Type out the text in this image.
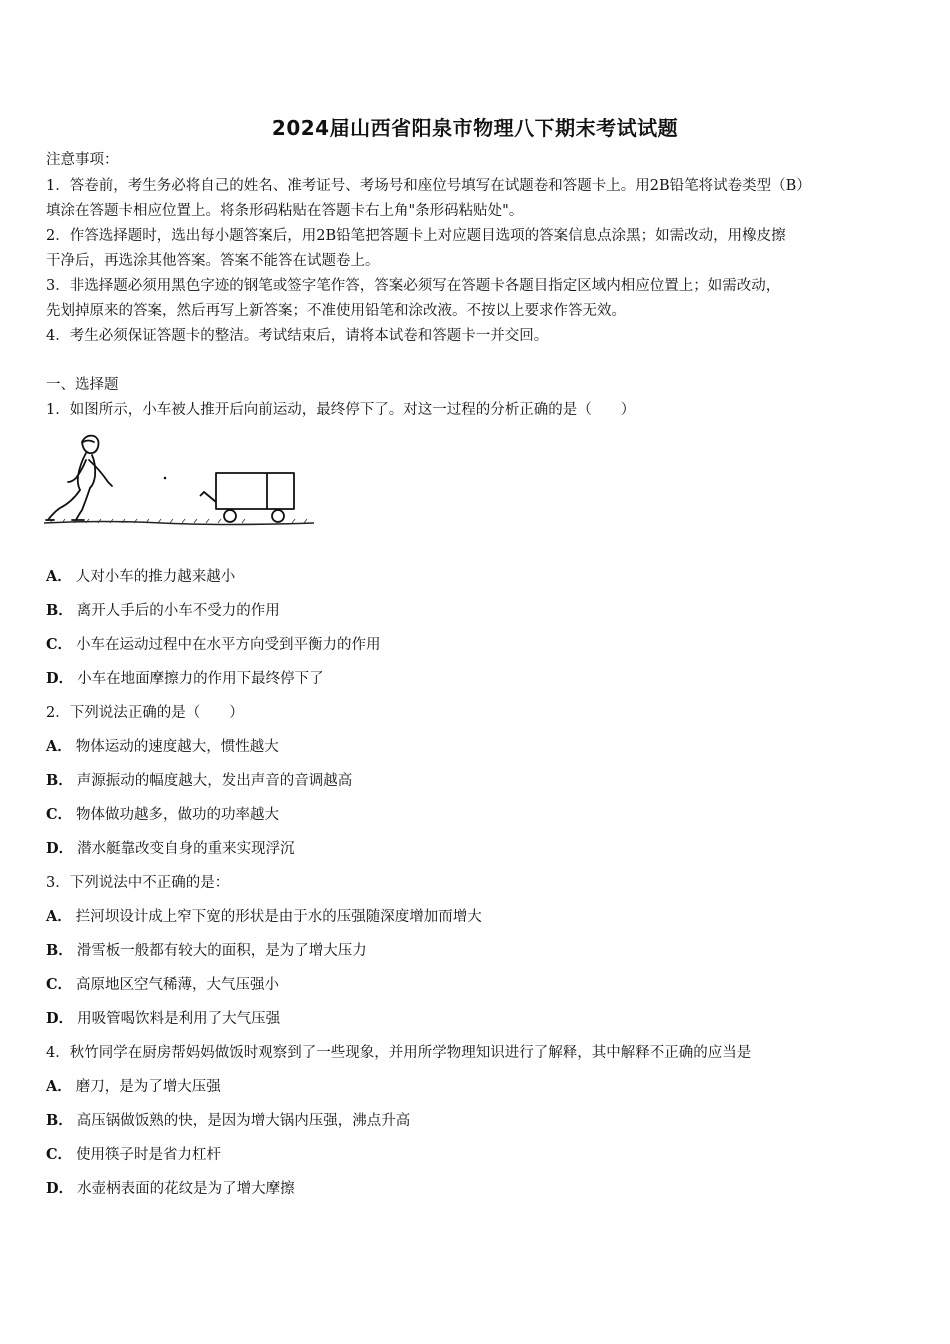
2024届山西省阳泉市物理八下期末考试试题
注意事项：
1．答卷前，考生务必将自己的姓名、准考证号、考场号和座位号填写在试题卷和答题卡上。用2B铅笔将试卷类型（B）
填涂在答题卡相应位置上。将条形码粘贴在答题卡右上角"条形码粘贴处"。
2．作答选择题时，选出每小题答案后，用2B铅笔把答题卡上对应题目选项的答案信息点涂黑；如需改动，用橡皮擦
干净后，再选涂其他答案。答案不能答在试题卷上。
3．非选择题必须用黑色字迹的钢笔或签字笔作答，答案必须写在答题卡各题目指定区域内相应位置上；如需改动，
先划掉原来的答案，然后再写上新答案；不准使用铅笔和涂改液。不按以上要求作答无效。
4．考生必须保证答题卡的整洁。考试结束后，请将本试卷和答题卡一并交回。
一、选择题
1．如图所示，小车被人推开后向前运动，最终停下了。对这一过程的分析正确的是（　　）
A． 人对小车的推力越来越小
B． 离开人手后的小车不受力的作用
C． 小车在运动过程中在水平方向受到平衡力的作用
D． 小车在地面摩擦力的作用下最终停下了
2．下列说法正确的是（　　）
A． 物体运动的速度越大，惯性越大
B． 声源振动的幅度越大，发出声音的音调越高
C． 物体做功越多，做功的功率越大
D． 潜水艇靠改变自身的重来实现浮沉
3．下列说法中不正确的是：
A． 拦河坝设计成上窄下宽的形状是由于水的压强随深度增加而增大
B． 滑雪板一般都有较大的面积，是为了增大压力
C． 高原地区空气稀薄，大气压强小
D． 用吸管喝饮料是利用了大气压强
4．秋竹同学在厨房帮妈妈做饭时观察到了一些现象，并用所学物理知识进行了解释，其中解释不正确的应当是
A． 磨刀，是为了增大压强
B． 高压锅做饭熟的快，是因为增大锅内压强，沸点升高
C． 使用筷子时是省力杠杆
D． 水壶柄表面的花纹是为了增大摩擦
